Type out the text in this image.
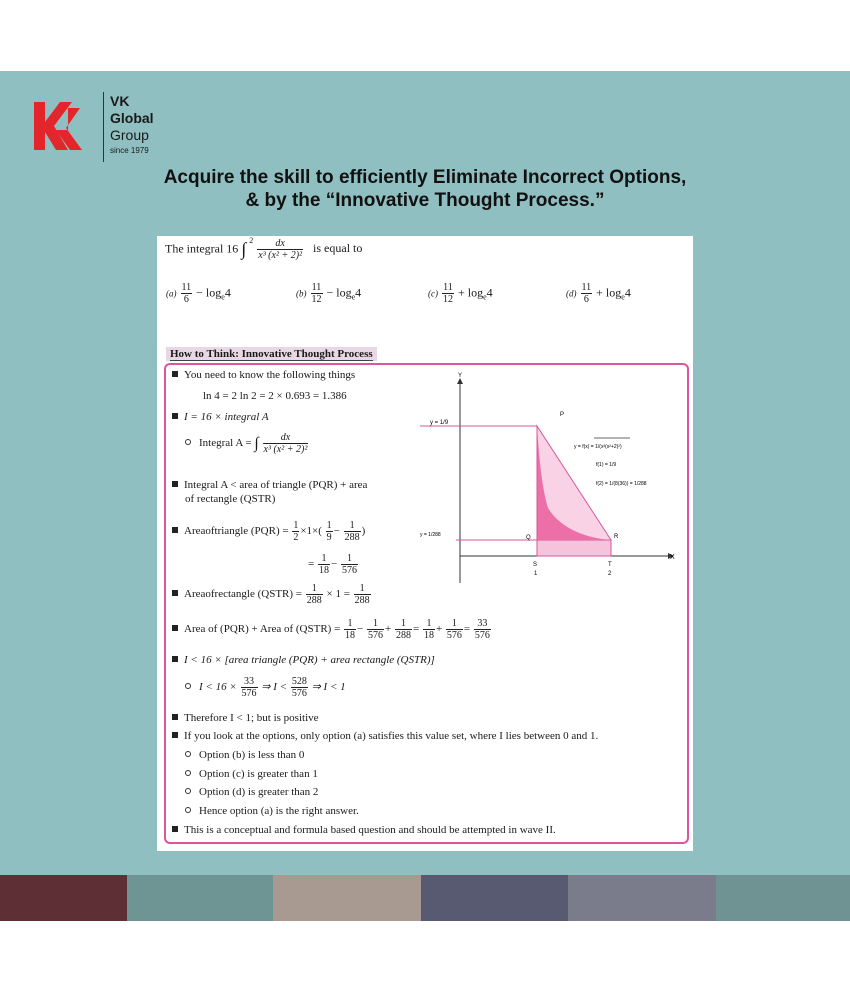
VK
Global
Group
since 1979
Acquire the skill to efficiently Eliminate Incorrect Options,
& by the “Innovative Thought Process.”
The integral 16 ∫ $^2 \frac{dx}{\text{x³ (x² + 2)²}}$ is equal to
$(a) \frac{11}{6} - \log_e4$	$(b) \frac{11}{12} - \log_e4$	$(c) \frac{11}{12} + \log_e4$	$(d) \frac{11}{6} + \log_e4$
How to Think: Innovative Thought Process
You need to know the following things
ln 4 = 2 ln 2 = 2 × 0.693 = 1.386
I = 16 × integral A
Integral A = ∫ $\frac{dx}{\text{x³ (x² + 2)²}}$
Integral A < area of triangle (PQR) + area
of rectangle (QSTR)
Areaoftriangle $(PQR) = \frac{1}{2} \times 1\times( \frac{1}{9} - \frac{1}{288}$ )
= $\frac{1}{18} - \frac{1}{576}$
Areaofrectangle (QSTR) = $\frac{1}{288} \times 1 = \frac{1}{288}$
Area of (PQR) + Area of (QSTR) = $\frac{1}{18} - \frac{1}{576} + \frac{1}{288} = \frac{1}{18} + \frac{1}{576} = \frac{33}{576}$
I < 16 × [area triangle (PQR) + area rectangle (QSTR)]
$I < 16 \times \frac{33}{576}$ ⇒ $I < \frac{528}{576}$ ⇒ I < 1
Therefore I < 1; but is positive
If you look at the options, only option (a) satisfies this value set, where I lies between 0 and 1.
Option (b) is less than 0
Option (c) is greater than 1
Option (d) is greater than 2
Hence option (a) is the right answer.
This is a conceptual and formula based question and should be attempted in wave II.
Y
X
P
Q	R
S	T
1	2
y = 1/9
y = 1/288
y = f(x) = 1/(x³(x²+2)²)
f(1) = 1/9
f(2) = 1/(8(36)) = 1/288
